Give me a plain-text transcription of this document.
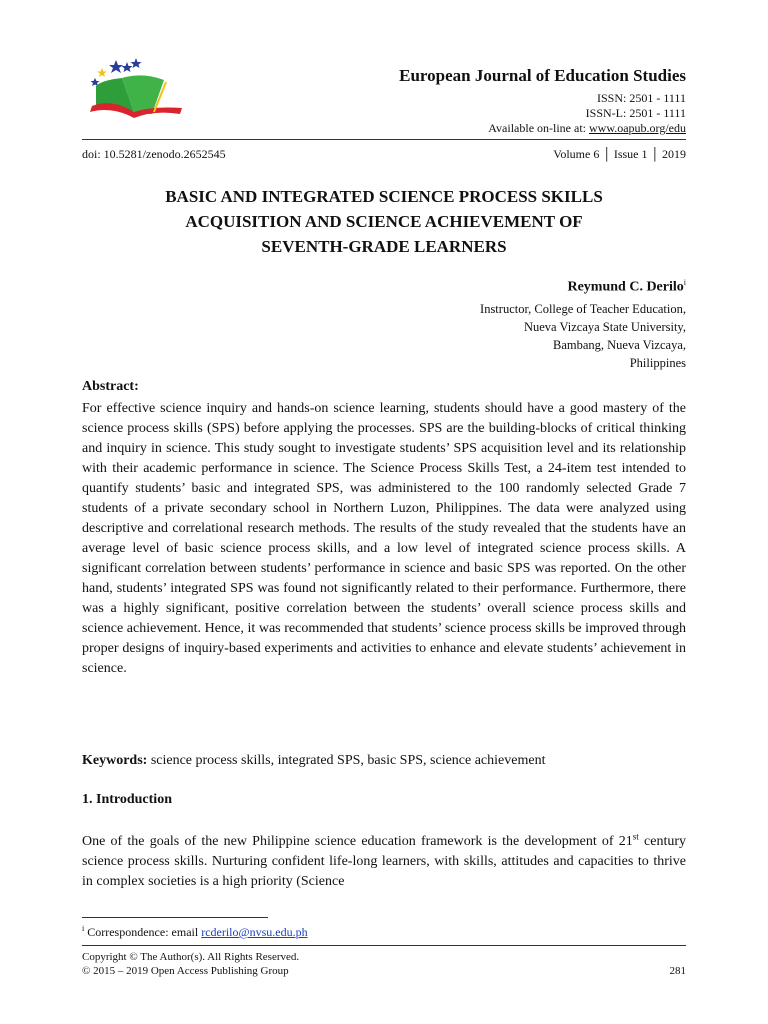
European Journal of Education Studies
ISSN: 2501 - 1111
ISSN-L: 2501 - 1111
Available on-line at: www.oapub.org/edu
doi: 10.5281/zenodo.2652545	Volume 6 │ Issue 1 │ 2019
BASIC AND INTEGRATED SCIENCE PROCESS SKILLS
ACQUISITION AND SCIENCE ACHIEVEMENT OF
SEVENTH-GRADE LEARNERS
Reymund C. Derilo$^i$
Instructor, College of Teacher Education,
Nueva Vizcaya State University,
Bambang, Nueva Vizcaya,
Philippines
Abstract:
For effective science inquiry and hands-on science learning, students should have a good mastery of the science process skills (SPS) before applying the processes. SPS are the building-blocks of critical thinking and inquiry in science. This study sought to investigate students’ SPS acquisition level and its relationship with their academic performance in science. The Science Process Skills Test, a 24-item test intended to quantify students’ basic and integrated SPS, was administered to the 100 randomly selected Grade 7 students of a private secondary school in Northern Luzon, Philippines. The data were analyzed using descriptive and correlational research methods. The results of the study revealed that the students have an average level of basic science process skills, and a low level of integrated science process skills. A significant correlation between students’ performance in science and basic SPS was reported. On the other hand, students’ integrated SPS was found not significantly related to their performance. Furthermore, there was a highly significant, positive correlation between the students’ overall science process skills and science achievement. Hence, it was recommended that students’ science process skills be improved through proper designs of inquiry-based experiments and activities to enhance and elevate students’ achievement in science.
Keywords: science process skills, integrated SPS, basic SPS, science achievement
1. Introduction
One of the goals of the new Philippine science education framework is the development of 21st century science process skills. Nurturing confident life-long learners, with skills, attitudes and capacities to thrive in complex societies is a high priority (Science
$^i$ Correspondence: email rcderilo@nvsu.edu.ph
Copyright © The Author(s). All Rights Reserved.
© 2015 – 2019 Open Access Publishing Group	281
